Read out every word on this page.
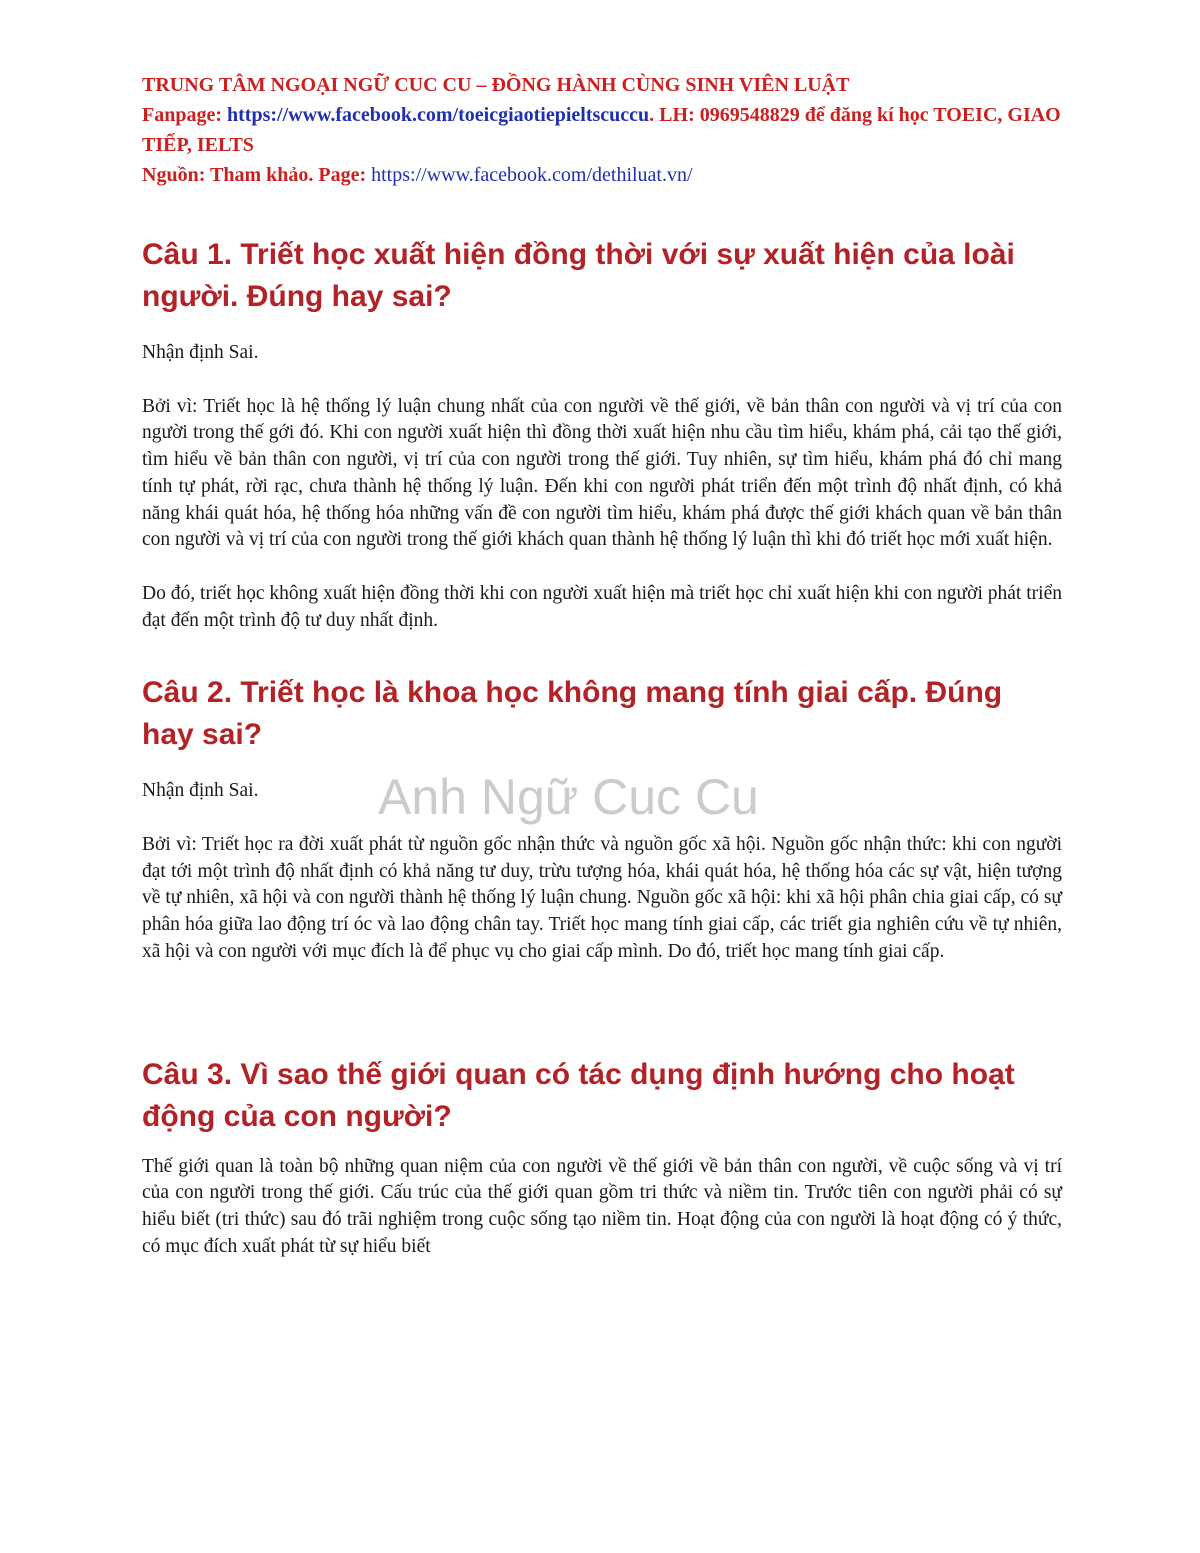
TRUNG TÂM NGOẠI NGỮ CUC CU – ĐỒNG HÀNH CÙNG SINH VIÊN LUẬT
Fanpage: https://www.facebook.com/toeicgiaotiepieltscuccu. LH: 0969548829 để đăng kí học TOEIC, GIAO TIẾP, IELTS
Nguồn: Tham khảo. Page: https://www.facebook.com/dethiluat.vn/
Câu 1. Triết học xuất hiện đồng thời với sự xuất hiện của loài người. Đúng hay sai?

Nhận định Sai.

Bởi vì: Triết học là hệ thống lý luận chung nhất của con người về thế giới, về bản thân con người và vị trí của con người trong thế gới đó. Khi con người xuất hiện thì đồng thời xuất hiện nhu cầu tìm hiểu, khám phá, cải tạo thế giới, tìm hiểu về bản thân con người, vị trí của con người trong thế giới. Tuy nhiên, sự tìm hiểu, khám phá đó chỉ mang tính tự phát, rời rạc, chưa thành hệ thống lý luận. Đến khi con người phát triển đến một trình độ nhất định, có khả năng khái quát hóa, hệ thống hóa những vấn đề con người tìm hiểu, khám phá được thế giới khách quan về bản thân con người và vị trí của con người trong thế giới khách quan thành hệ thống lý luận thì khi đó triết học mới xuất hiện.

Do đó, triết học không xuất hiện đồng thời khi con người xuất hiện mà triết học chỉ xuất hiện khi con người phát triển đạt đến một trình độ tư duy nhất định.

Câu 2. Triết học là khoa học không mang tính giai cấp. Đúng hay sai?

Nhận định Sai.

Bởi vì: Triết học ra đời xuất phát từ nguồn gốc nhận thức và nguồn gốc xã hội. Nguồn gốc nhận thức: khi con người đạt tới một trình độ nhất định có khả năng tư duy, trừu tượng hóa, khái quát hóa, hệ thống hóa các sự vật, hiện tượng về tự nhiên, xã hội và con người thành hệ thống lý luận chung. Nguồn gốc xã hội: khi xã hội phân chia giai cấp, có sự phân hóa giữa lao động trí óc và lao động chân tay. Triết học mang tính giai cấp, các triết gia nghiên cứu về tự nhiên, xã hội và con người với mục đích là để phục vụ cho giai cấp mình. Do đó, triết học mang tính giai cấp.

Câu 3. Vì sao thế giới quan có tác dụng định hướng cho hoạt động của con người?

Thế giới quan là toàn bộ những quan niệm của con người về thế giới về bản thân con người, về cuộc sống và vị trí của con người trong thế giới. Cấu trúc của thế giới quan gồm tri thức và niềm tin. Trước tiên con người phải có sự hiểu biết (tri thức) sau đó trãi nghiệm trong cuộc sống tạo niềm tin. Hoạt động của con người là hoạt động có ý thức, có mục đích xuất phát từ sự hiểu biết

Anh Ngữ Cuc Cu
